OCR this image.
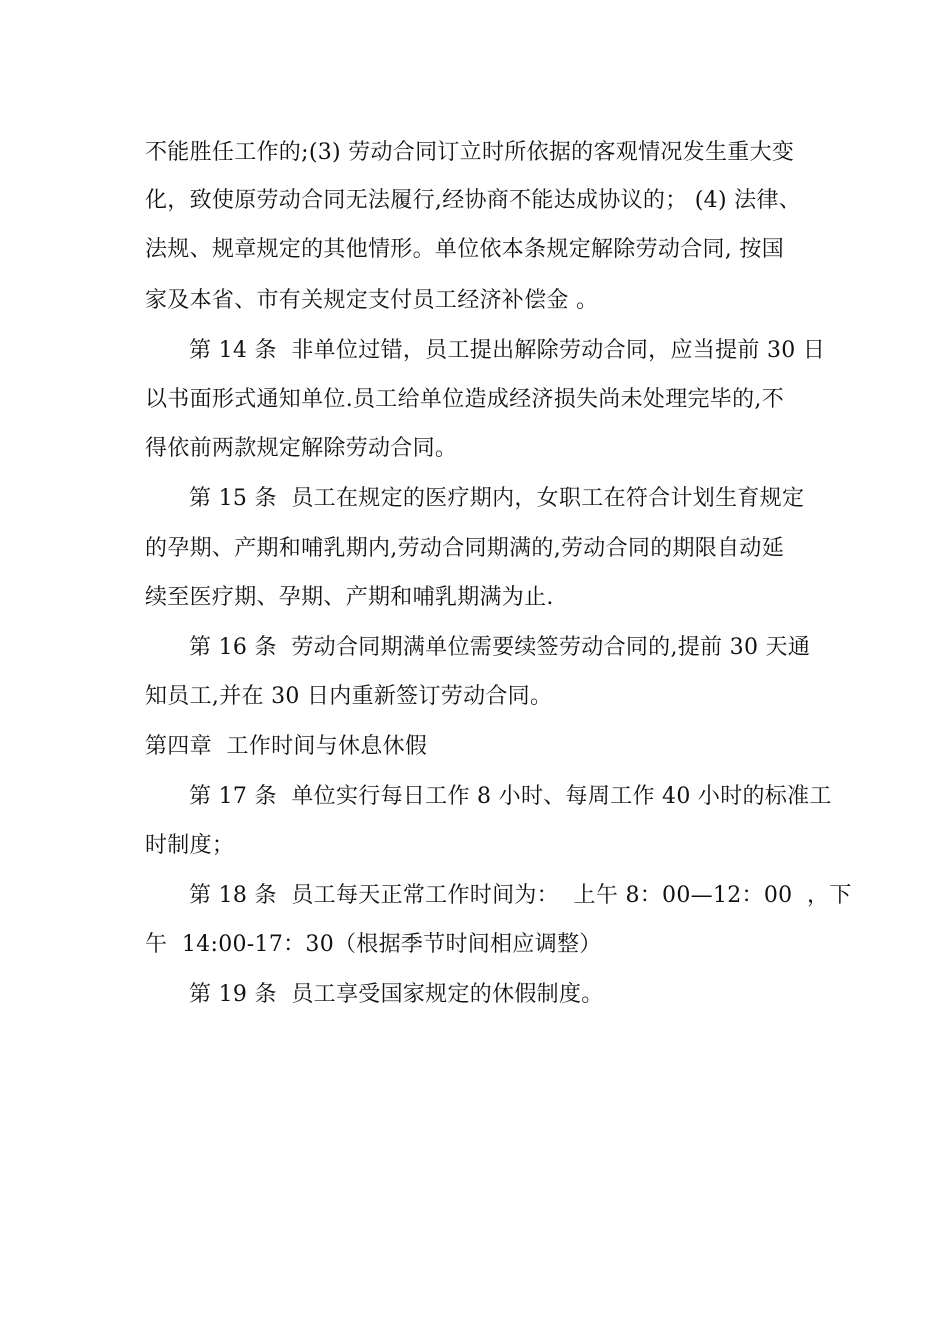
不能胜任工作的;(3) 劳动合同订立时所依据的客观情况发生重大变
化，致使原劳动合同无法履行,经协商不能达成协议的； (4) 法律、
法规、规章规定的其他情形。单位依本条规定解除劳动合同, 按国
家及本省、市有关规定支付员工经济补偿金 。
第 14 条  非单位过错，员工提出解除劳动合同，应当提前 30 日
以书面形式通知单位.员工给单位造成经济损失尚未处理完毕的,不
得依前两款规定解除劳动合同。
第 15 条  员工在规定的医疗期内，女职工在符合计划生育规定
的孕期、产期和哺乳期内,劳动合同期满的,劳动合同的期限自动延
续至医疗期、孕期、产期和哺乳期满为止.
第 16 条  劳动合同期满单位需要续签劳动合同的,提前 30 天通
知员工,并在 30 日内重新签订劳动合同。
第四章  工作时间与休息休假
第 17 条  单位实行每日工作 8 小时、每周工作 40 小时的标准工
时制度；
第 18 条  员工每天正常工作时间为：  上午 8：00—12：00  ，下
午  14:00-17：30（根据季节时间相应调整）
第 19 条  员工享受国家规定的休假制度。
